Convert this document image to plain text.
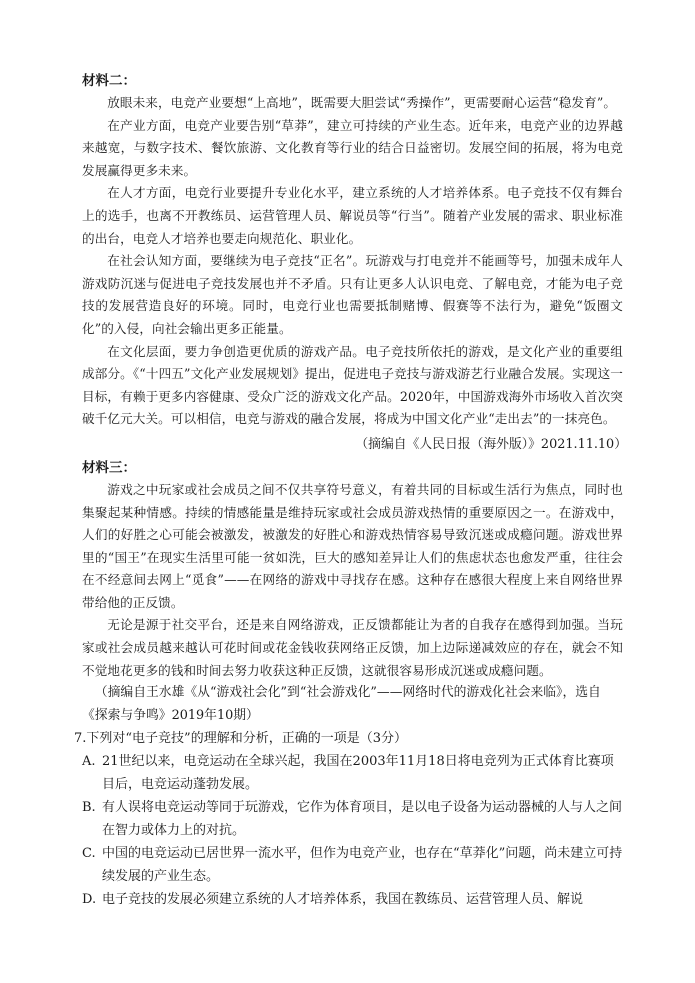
材料二：

放眼未来，电竞产业要想“上高地”，既需要大胆尝试“秀操作”，更需要耐心运营“稳发育”。

在产业方面，电竞产业要告别“草莽”，建立可持续的产业生态。近年来，电竞产业的边界越来越宽，与数字技术、餐饮旅游、文化教育等行业的结合日益密切。发展空间的拓展，将为电竞发展赢得更多未来。

在人才方面，电竞行业要提升专业化水平，建立系统的人才培养体系。电子竞技不仅有舞台上的选手，也离不开教练员、运营管理人员、解说员等“行当”。随着产业发展的需求、职业标准的出台，电竞人才培养也要走向规范化、职业化。

在社会认知方面，要继续为电子竞技“正名”。玩游戏与打电竞并不能画等号，加强未成年人游戏防沉迷与促进电子竞技发展也并不矛盾。只有让更多人认识电竞、了解电竞，才能为电子竞技的发展营造良好的环境。同时，电竞行业也需要抵制赌博、假赛等不法行为，避免“饭圈文化”的入侵，向社会输出更多正能量。

在文化层面，要力争创造更优质的游戏产品。电子竞技所依托的游戏，是文化产业的重要组成部分。《“十四五”文化产业发展规划》提出，促进电子竞技与游戏游艺行业融合发展。实现这一目标，有赖于更多内容健康、受众广泛的游戏文化产品。2020年，中国游戏海外市场收入首次突破千亿元大关。可以相信，电竞与游戏的融合发展，将成为中国文化产业“走出去”的一抹亮色。

（摘编自《人民日报（海外版）》2021.11.10）

材料三：

游戏之中玩家或社会成员之间不仅共享符号意义，有着共同的目标或生活行为焦点，同时也集聚起某种情感。持续的情感能量是维持玩家或社会成员游戏热情的重要原因之一。在游戏中，人们的好胜之心可能会被激发，被激发的好胜心和游戏热情容易导致沉迷或成瘾问题。游戏世界里的“国王”在现实生活里可能一贫如洗，巨大的感知差异让人们的焦虑状态也愈发严重，往往会在不经意间去网上“觅食”——在网络的游戏中寻找存在感。这种存在感很大程度上来自网络世界带给他的正反馈。

无论是源于社交平台，还是来自网络游戏，正反馈都能让为者的自我存在感得到加强。当玩家或社会成员越来越认可花时间或花金钱收获网络正反馈，加上边际递减效应的存在，就会不知不觉地花更多的钱和时间去努力收获这种正反馈，这就很容易形成沉迷或成瘾问题。

（摘编自王水雄《从“游戏社会化”到“社会游戏化”——网络时代的游戏化社会来临》，选自《探索与争鸣》2019年10期）

7.下列对“电子竞技”的理解和分析，正确的一项是（3分）

A. 21世纪以来，电竞运动在全球兴起，我国在2003年11月18日将电竞列为正式体育比赛项目后，电竞运动蓬勃发展。

B. 有人误将电竞运动等同于玩游戏，它作为体育项目，是以电子设备为运动器械的人与人之间在智力或体力上的对抗。

C. 中国的电竞运动已居世界一流水平，但作为电竞产业，也存在“草莽化”问题，尚未建立可持续发展的产业生态。

D. 电子竞技的发展必须建立系统的人才培养体系，我国在教练员、运营管理人员、解说
